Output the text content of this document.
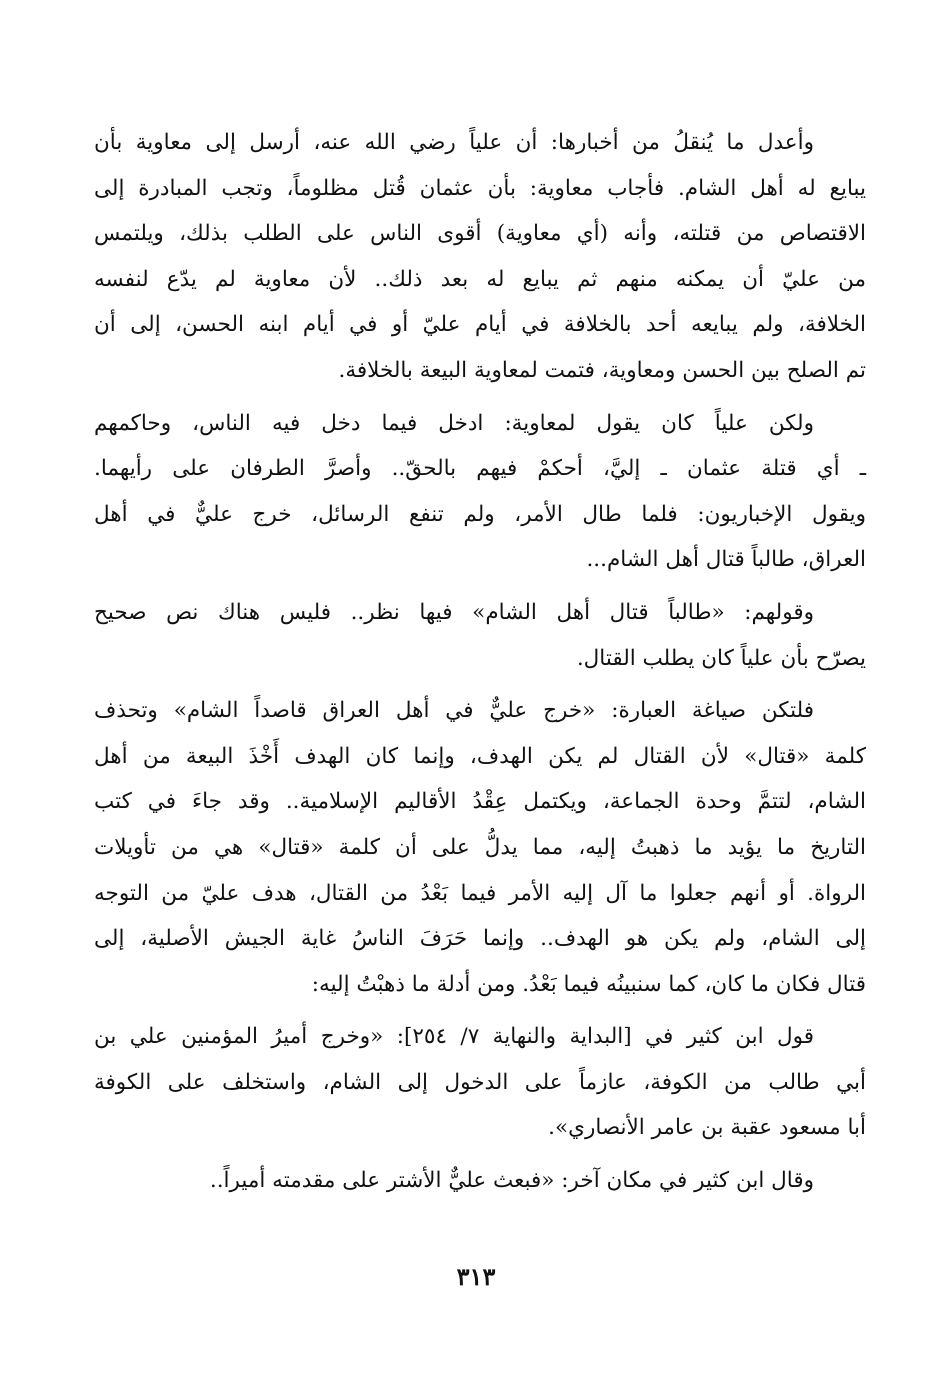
وأعدل ما يُنقلُ من أخبارها: أن علياً رضي الله عنه، أرسل إلى معاوية بأن
يبايع له أهل الشام. فأجاب معاوية: بأن عثمان قُتل مظلوماً، وتجب المبادرة إلى
الاقتصاص من قتلته، وأنه (أي معاوية) أقوى الناس على الطلب بذلك، ويلتمس
من عليّ أن يمكنه منهم ثم يبايع له بعد ذلك.. لأن معاوية لم يدّع لنفسه
الخلافة، ولم يبايعه أحد بالخلافة في أيام عليّ أو في أيام ابنه الحسن، إلى أن
تم الصلح بين الحسن ومعاوية، فتمت لمعاوية البيعة بالخلافة.

ولكن علياً كان يقول لمعاوية: ادخل فيما دخل فيه الناس، وحاكمهم
ـ أي قتلة عثمان ـ إليَّ، أحكمْ فيهم بالحقّ.. وأصرَّ الطرفان على رأيهما.
ويقول الإخباريون: فلما طال الأمر، ولم تنفع الرسائل، خرج عليٌّ في أهل
العراق، طالباً قتال أهل الشام...

وقولهم: «طالباً قتال أهل الشام» فيها نظر.. فليس هناك نص صحيح
يصرّح بأن علياً كان يطلب القتال.

فلتكن صياغة العبارة: «خرج عليٌّ في أهل العراق قاصداً الشام» وتحذف
كلمة «قتال» لأن القتال لم يكن الهدف، وإنما كان الهدف أَخْذَ البيعة من أهل
الشام، لتتمَّ وحدة الجماعة، ويكتمل عِقْدُ الأقاليم الإسلامية.. وقد جاءَ في كتب
التاريخ ما يؤيد ما ذهبتُ إليه، مما يدلُّ على أن كلمة «قتال» هي من تأويلات
الرواة. أو أنهم جعلوا ما آل إليه الأمر فيما بَعْدُ من القتال، هدف عليّ من التوجه
إلى الشام، ولم يكن هو الهدف.. وإنما حَرَفَ الناسُ غاية الجيش الأصلية، إلى
قتال فكان ما كان، كما سنبينُه فيما بَعْدُ. ومن أدلة ما ذهبْتُ إليه:

قول ابن كثير في [البداية والنهاية ٧/ ٢٥٤]: «وخرج أميرُ المؤمنين علي بن
أبي طالب من الكوفة، عازماً على الدخول إلى الشام، واستخلف على الكوفة
أبا مسعود عقبة بن عامر الأنصاري».

وقال ابن كثير في مكان آخر: «فبعث عليٌّ الأشتر على مقدمته أميراً..

٣١٣
